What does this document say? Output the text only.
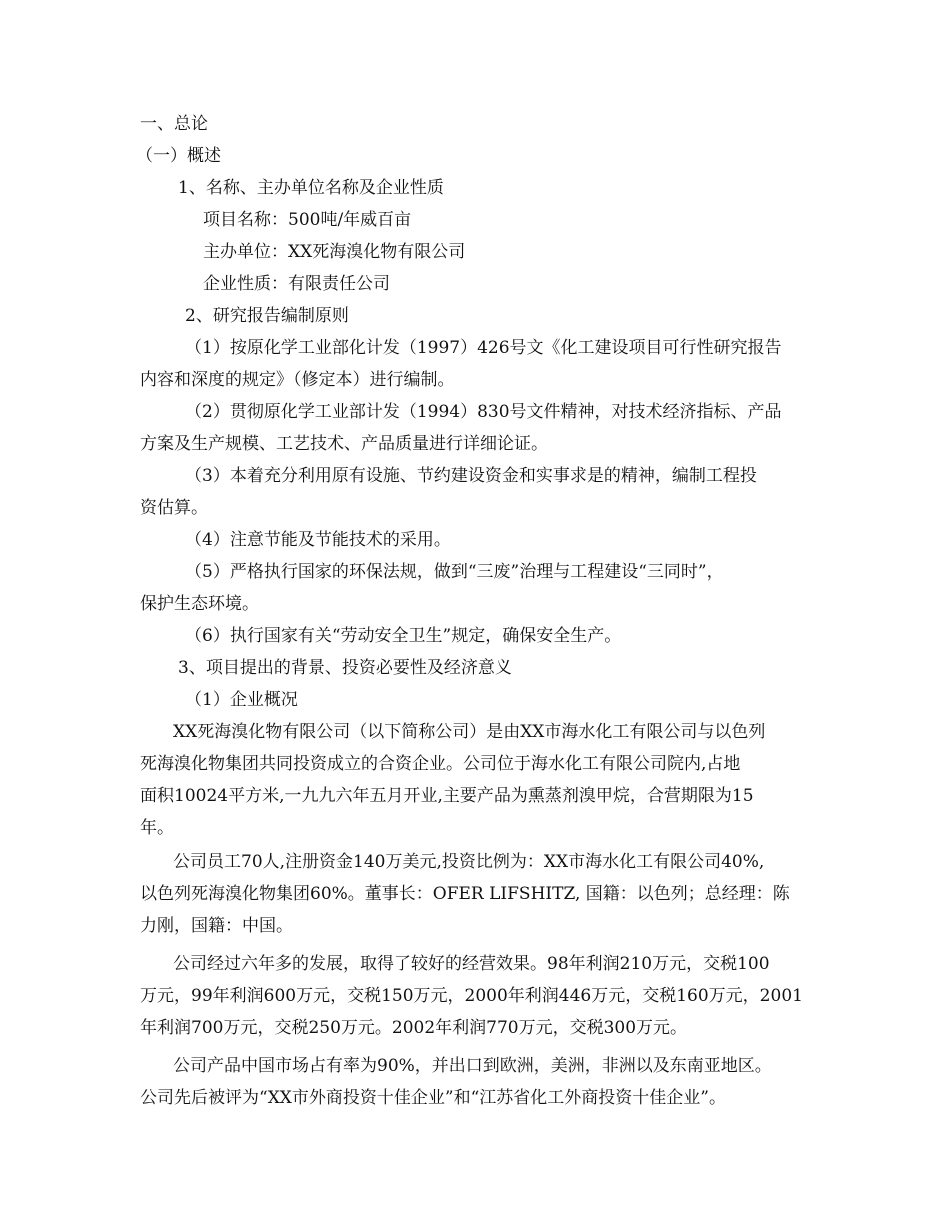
一、总论
（一）概述
1、名称、主办单位名称及企业性质
项目名称：500吨/年威百亩
主办单位：XX死海溴化物有限公司
企业性质：有限责任公司
2、研究报告编制原则
（1）按原化学工业部化计发（1997）426号文《化工建设项目可行性研究报告
内容和深度的规定》（修定本）进行编制。
（2）贯彻原化学工业部计发（1994）830号文件精神，对技术经济指标、产品
方案及生产规模、工艺技术、产品质量进行详细论证。
（3）本着充分利用原有设施、节约建设资金和实事求是的精神，编制工程投
资估算。
（4）注意节能及节能技术的采用。
（5）严格执行国家的环保法规，做到“三废”治理与工程建设“三同时”，
保护生态环境。
（6）执行国家有关“劳动安全卫生”规定，确保安全生产。
3、项目提出的背景、投资必要性及经济意义
（1）企业概况
XX死海溴化物有限公司（以下简称公司）是由XX市海水化工有限公司与以色列
死海溴化物集团共同投资成立的合资企业。公司位于海水化工有限公司院内,占地
面积10024平方米,一九九六年五月开业,主要产品为熏蒸剂溴甲烷，合营期限为15
年。
公司员工70人,注册资金140万美元,投资比例为：XX市海水化工有限公司40%,
以色列死海溴化物集团60%。董事长：OFER LIFSHITZ, 国籍：以色列；总经理：陈
力刚，国籍：中国。
公司经过六年多的发展，取得了较好的经营效果。98年利润210万元，交税100
万元，99年利润600万元，交税150万元，2000年利润446万元，交税160万元，2001
年利润700万元，交税250万元。2002年利润770万元，交税300万元。
公司产品中国市场占有率为90%，并出口到欧洲，美洲，非洲以及东南亚地区。
公司先后被评为“XX市外商投资十佳企业”和“江苏省化工外商投资十佳企业”。
